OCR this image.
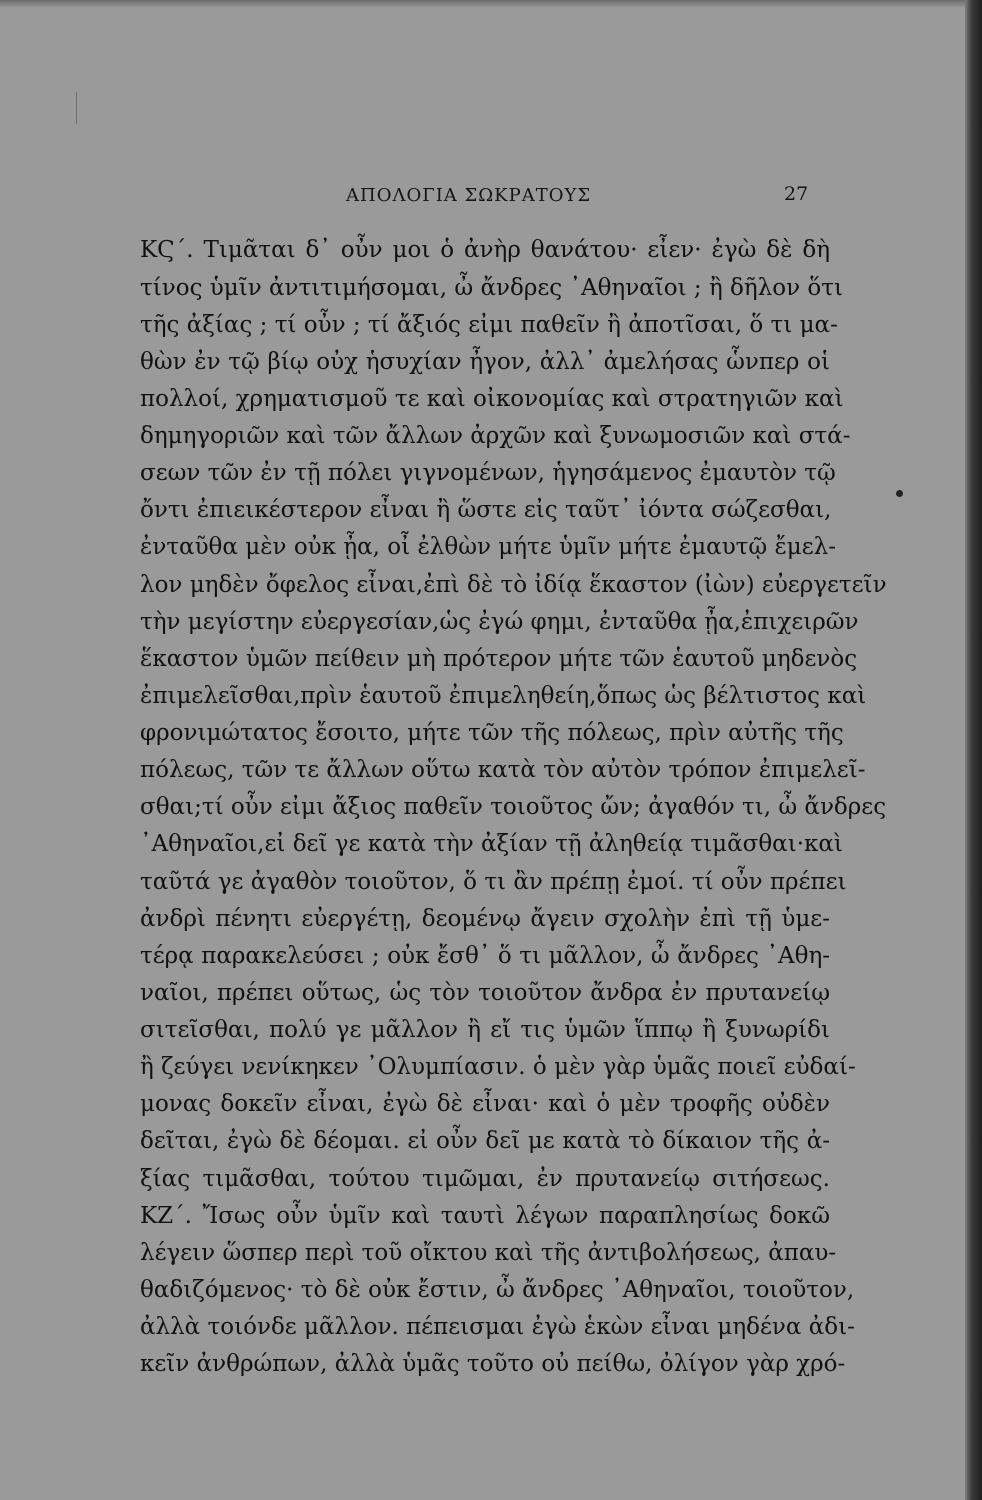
ΑΠΟΛΟΓΙΑ ΣΩΚΡΑΤΟΥΣ	27
ΚϚ΄. Τιμᾶται δ᾽ οὖν μοι ὁ ἀνὴρ θανάτου· εἶεν· ἐγὼ δὲ δὴ
τίνος ὑμῖν ἀντιτιμήσομαι, ὦ ἄνδρες ᾿Αθηναῖοι ; ἢ δῆλον ὅτι
τῆς ἀξίας ; τί οὖν ; τί ἄξιός εἰμι παθεῖν ἢ ἀποτῖσαι, ὅ τι μα-
θὼν ἐν τῷ βίῳ οὐχ ἡσυχίαν ἦγον, ἀλλ᾽ ἀμελήσας ὧνπερ οἱ
πολλοί, χρηματισμοῦ τε καὶ οἰκονομίας καὶ στρατηγιῶν καὶ
δημηγοριῶν καὶ τῶν ἄλλων ἀρχῶν καὶ ξυνωμοσιῶν καὶ στά-
σεων τῶν ἐν τῇ πόλει γιγνομένων, ἡγησάμενος ἐμαυτὸν τῷ
ὄντι ἐπιεικέστερον εἶναι ἢ ὥστε εἰς ταῦτ᾽ ἰόντα σώζεσθαι,
ἐνταῦθα μὲν οὐκ ᾖα, οἶ ἐλθὼν μήτε ὑμῖν μήτε ἐμαυτῷ ἔμελ-
λον μηδὲν ὄφελος εἶναι,ἐπὶ δὲ τὸ ἰδίᾳ ἕκαστον (ἰὼν) εὐεργετεῖν
τὴν μεγίστην εὐεργεσίαν,ὡς ἐγώ φημι, ἐνταῦθα ᾖα,ἐπιχειρῶν
ἕκαστον ὑμῶν πείθειν μὴ πρότερον μήτε τῶν ἑαυτοῦ μηδενὸς
ἐπιμελεῖσθαι,πρὶν ἑαυτοῦ ἐπιμεληθείη,ὅπως ὡς βέλτιστος καὶ
φρονιμώτατος ἔσοιτο, μήτε τῶν τῆς πόλεως, πρὶν αὐτῆς τῆς
πόλεως, τῶν τε ἄλλων οὕτω κατὰ τὸν αὐτὸν τρόπον ἐπιμελεῖ-
σθαι;τί οὖν εἰμι ἄξιος παθεῖν τοιοῦτος ὤν; ἀγαθόν τι, ὦ ἄνδρες
᾿Αθηναῖοι,εἰ δεῖ γε κατὰ τὴν ἀξίαν τῇ ἀληθείᾳ τιμᾶσθαι·καὶ
ταῦτά γε ἀγαθὸν τοιοῦτον, ὅ τι ἂν πρέπῃ ἐμοί. τί οὖν πρέπει
ἀνδρὶ πένητι εὐεργέτῃ, δεομένῳ ἄγειν σχολὴν ἐπὶ τῇ ὑμε-
τέρᾳ παρακελεύσει ; οὐκ ἔσθ᾽ ὅ τι μᾶλλον, ὦ ἄνδρες ᾿Αθη-
ναῖοι, πρέπει οὕτως, ὡς τὸν τοιοῦτον ἄνδρα ἐν πρυτανείῳ
σιτεῖσθαι, πολύ γε μᾶλλον ἢ εἴ τις ὑμῶν ἵππῳ ἢ ξυνωρίδι
ἢ ζεύγει νενίκηκεν ᾿Ολυμπίασιν. ὁ μὲν γὰρ ὑμᾶς ποιεῖ εὐδαί-
μονας δοκεῖν εἶναι, ἐγὼ δὲ εἶναι· καὶ ὁ μὲν τροφῆς οὐδὲν
δεῖται, ἐγὼ δὲ δέομαι. εἰ οὖν δεῖ με κατὰ τὸ δίκαιον τῆς ἀ-
ξίας τιμᾶσθαι, τούτου τιμῶμαι, ἐν πρυτανείῳ σιτήσεως.
ΚΖ΄. Ἴσως οὖν ὑμῖν καὶ ταυτὶ λέγων παραπλησίως δοκῶ
λέγειν ὥσπερ περὶ τοῦ οἴκτου καὶ τῆς ἀντιβολήσεως, ἀπαυ-
θαδιζόμενος· τὸ δὲ οὐκ ἔστιν, ὦ ἄνδρες ᾿Αθηναῖοι, τοιοῦτον,
ἀλλὰ τοιόνδε μᾶλλον. πέπεισμαι ἐγὼ ἑκὼν εἶναι μηδένα ἀδι-
κεῖν ἀνθρώπων, ἀλλὰ ὑμᾶς τοῦτο οὐ πείθω, ὀλίγον γὰρ χρό-
